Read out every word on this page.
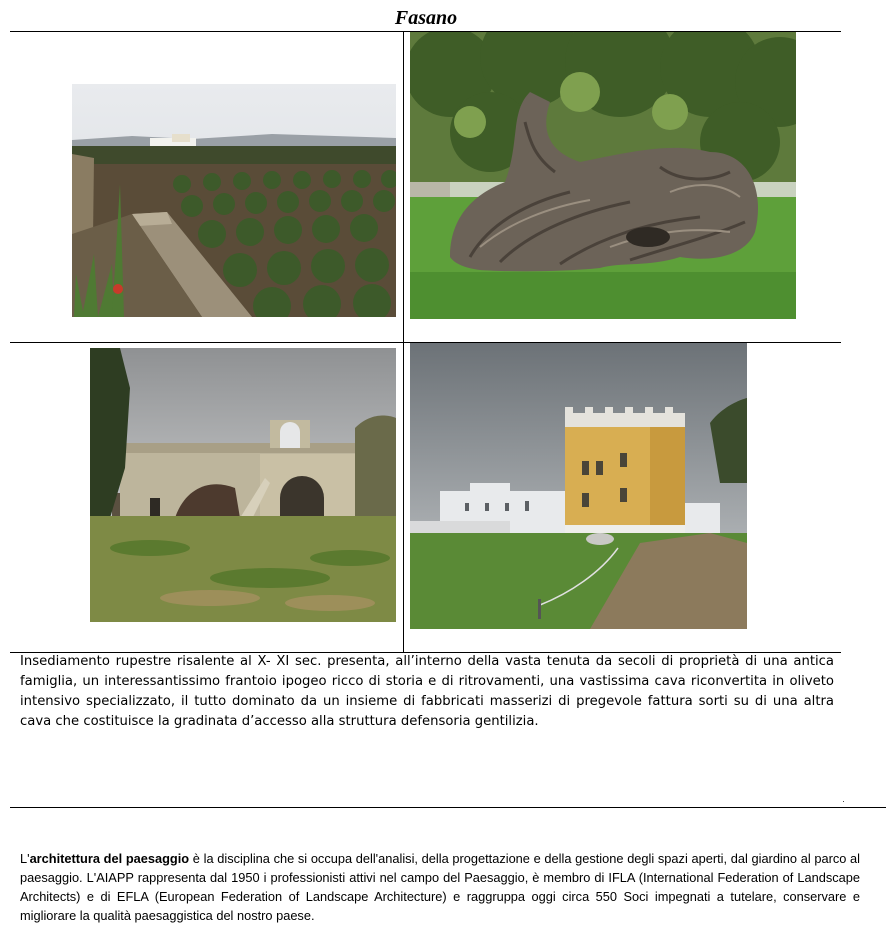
Fasano
Insediamento rupestre risalente al X- XI sec. presenta, all’interno della vasta tenuta da secoli di proprietà di una antica famiglia, un interessantissimo frantoio ipogeo ricco di storia e di ritrovamenti, una vastissima cava riconvertita in oliveto intensivo specializzato, il tutto dominato da un insieme di fabbricati masserizi di pregevole fattura sorti su di una altra cava che costituisce la gradinata d’accesso alla struttura defensoria gentilizia.
L'architettura del paesaggio è la disciplina che si occupa dell'analisi, della progettazione e della gestione degli spazi aperti, dal giardino al parco al paesaggio. L'AIAPP rappresenta dal 1950 i professionisti attivi nel campo del Paesaggio, è membro di IFLA (International Federation of Landscape Architects) e di EFLA (European Federation of Landscape Architecture) e raggruppa oggi circa 550 Soci impegnati a tutelare, conservare e migliorare la qualità paesaggistica del nostro paese.
